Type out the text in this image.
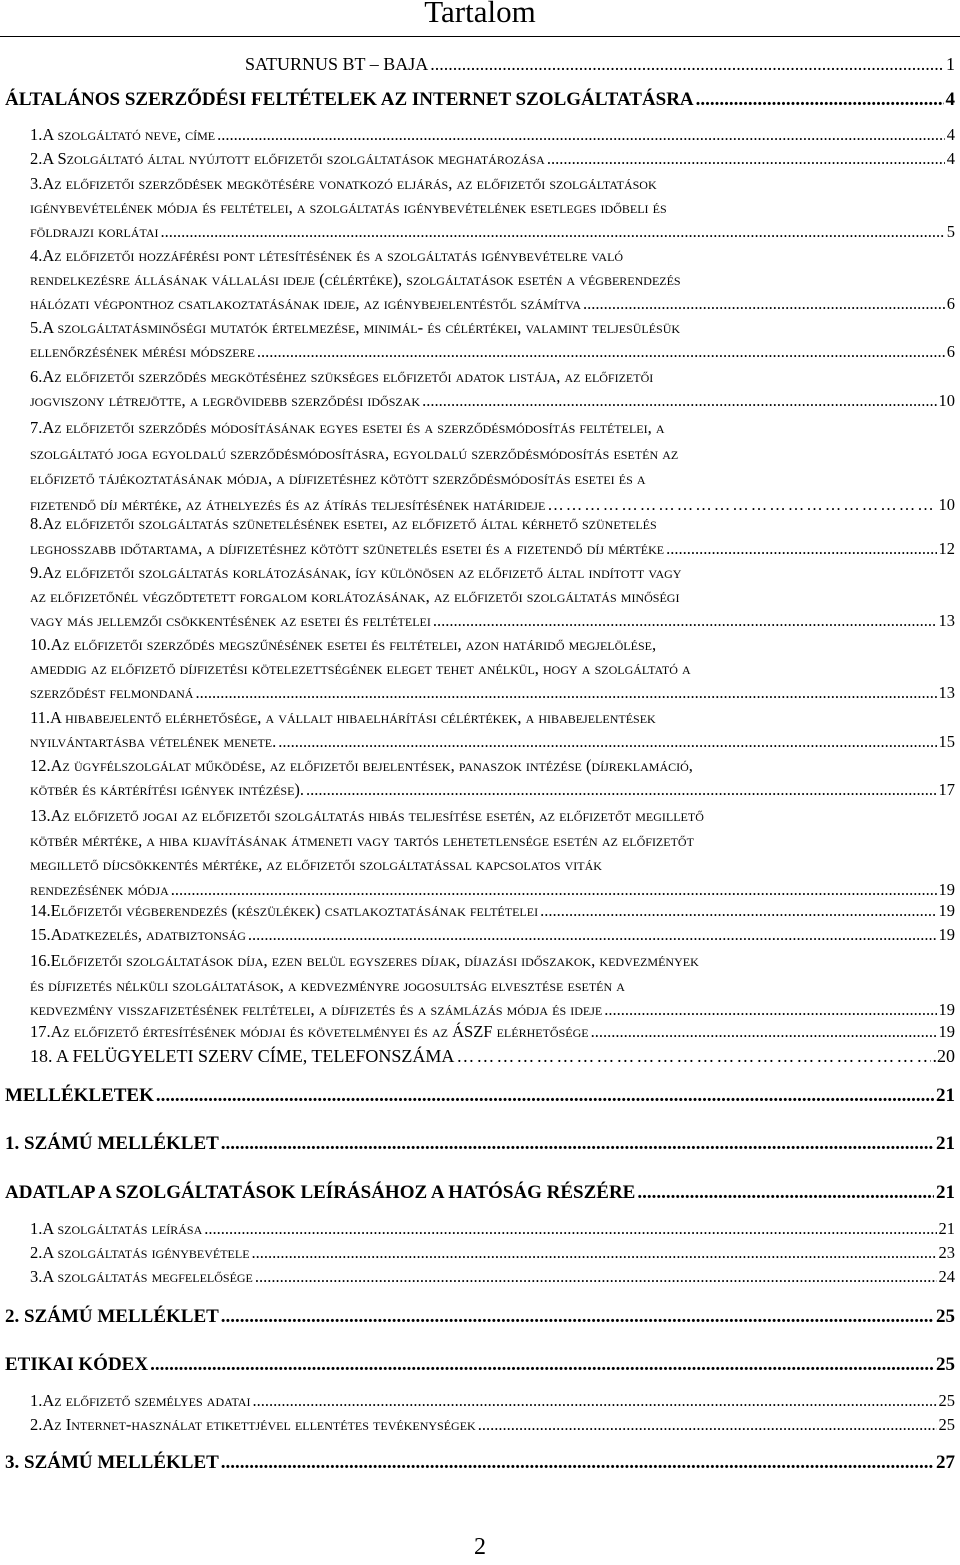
Tartalom
SATURNUS BT – BAJA .....	1
ÁLTALÁNOS SZERZŐDÉSI FELTÉTELEK AZ INTERNET SZOLGÁLTATÁSRA .....	4
1.A szolgáltató neve, címe .....	4
2.A Szolgáltató által nyújtott előfizetői szolgáltatások meghatározása .....	4
3.Az előfizetői szerződések megkötésére vonatkozó eljárás, az előfizetői szolgáltatások
igénybevételének módja és feltételei, a szolgáltatás igénybevételének esetleges időbeli és
földrajzi korlátai .....	5
4.Az előfizetői hozzáférési pont létesítésének és a szolgáltatás igénybevételre való
rendelkezésre állásának vállalási ideje (célértéke), szolgáltatások esetén a végberendezés
hálózati végponthoz csatlakoztatásának ideje, az igénybejelentéstől számítva .....	6
5.A szolgáltatásminőségi mutatók értelmezése, minimál- és célértékei, valamint teljesülésük
ellenőrzésének mérési módszere .....	6
6.Az előfizetői szerződés megkötéséhez szükséges előfizetői adatok listája, az előfizetői
jogviszony létrejötte, a legrövidebb szerződési időszak .....	10
7.Az előfizetői szerződés módosításának egyes esetei és a szerződésmódosítás feltételei, a
szolgáltató joga egyoldalú szerződésmódosításra, egyoldalú szerződésmódosítás esetén az
előfizető tájékoztatásának módja, a díjfizetéshez kötött szerződésmódosítás esetei és a
fizetendő díj mértéke, az áthelyezés és az átírás teljesítésének határideje ……………………………………………………………………………………………………………………………………	10
8.Az előfizetői szolgáltatás szünetelésének esetei, az előfizető által kérhető szünetelés
leghosszabb időtartama, a díjfizetéshez kötött szünetelés esetei és a fizetendő díj mértéke .....	12
9.Az előfizetői szolgáltatás korlátozásának, így különösen az előfizető által indított vagy
az előfizetőnél végződtetett forgalom korlátozásának, az előfizetői szolgáltatás minőségi
vagy más jellemzői csökkentésének az esetei és feltételei .....	13
10.Az előfizetői szerződés megszűnésének esetei és feltételei, azon határidő megjelölése,
ameddig az előfizető díjfizetési kötelezettségének eleget tehet anélkül, hogy a szolgáltató a
szerződést felmondaná .....	13
11.A hibabejelentő elérhetősége, a vállalt hibaelhárítási célértékek, a hibabejelentések
nyilvántartásba vételének menete. .....	15
12.Az ügyfélszolgálat működése, az előfizetői bejelentések, panaszok intézése (díjreklamáció,
kötbér és kártérítési igények intézése). .....	17
13.Az előfizető jogai az előfizetői szolgáltatás hibás teljesítése esetén, az előfizetőt megillető
kötbér mértéke, a hiba kijavításának átmeneti vagy tartós lehetetlensége esetén az előfizetőt
megillető díjcsökkentés mértéke, az előfizetői szolgáltatással kapcsolatos viták
rendezésének módja .....	19
14.Előfizetői végberendezés (készülékek) csatlakoztatásának feltételei .....	19
15.Adatkezelés, adatbiztonság .....	19
16.Előfizetői szolgáltatások díja, ezen belül egyszeres díjak, díjazási időszakok, kedvezmények
és díjfizetés nélküli szolgáltatások, a kedvezményre jogosultság elvesztése esetén a
kedvezmény visszafizetésének feltételei, a díjfizetés és a számlázás módja és ideje .....	19
17.Az előfizető értesítésének módjai és követelményei és az ÁSZF elérhetősége .....	19
18. A FELÜGYELETI SZERV CÍME, TELEFONSZÁMA ……………………………………………………………………………………………………………………………………	.20
MELLÉKLETEK .....	21
1. SZÁMÚ MELLÉKLET .....	21
ADATLAP A SZOLGÁLTATÁSOK LEÍRÁSÁHOZ A HATÓSÁG RÉSZÉRE .....	21
1.A szolgáltatás leírása .....	21
2.A szolgáltatás igénybevétele .....	23
3.A szolgáltatás megfelelősége .....	24
2. SZÁMÚ MELLÉKLET .....	25
ETIKAI KÓDEX .....	25
1.Az előfizető személyes adatai .....	25
2.Az Internet-használat etikettjével ellentétes tevékenységek .....	25
3. SZÁMÚ MELLÉKLET .....	27
2
